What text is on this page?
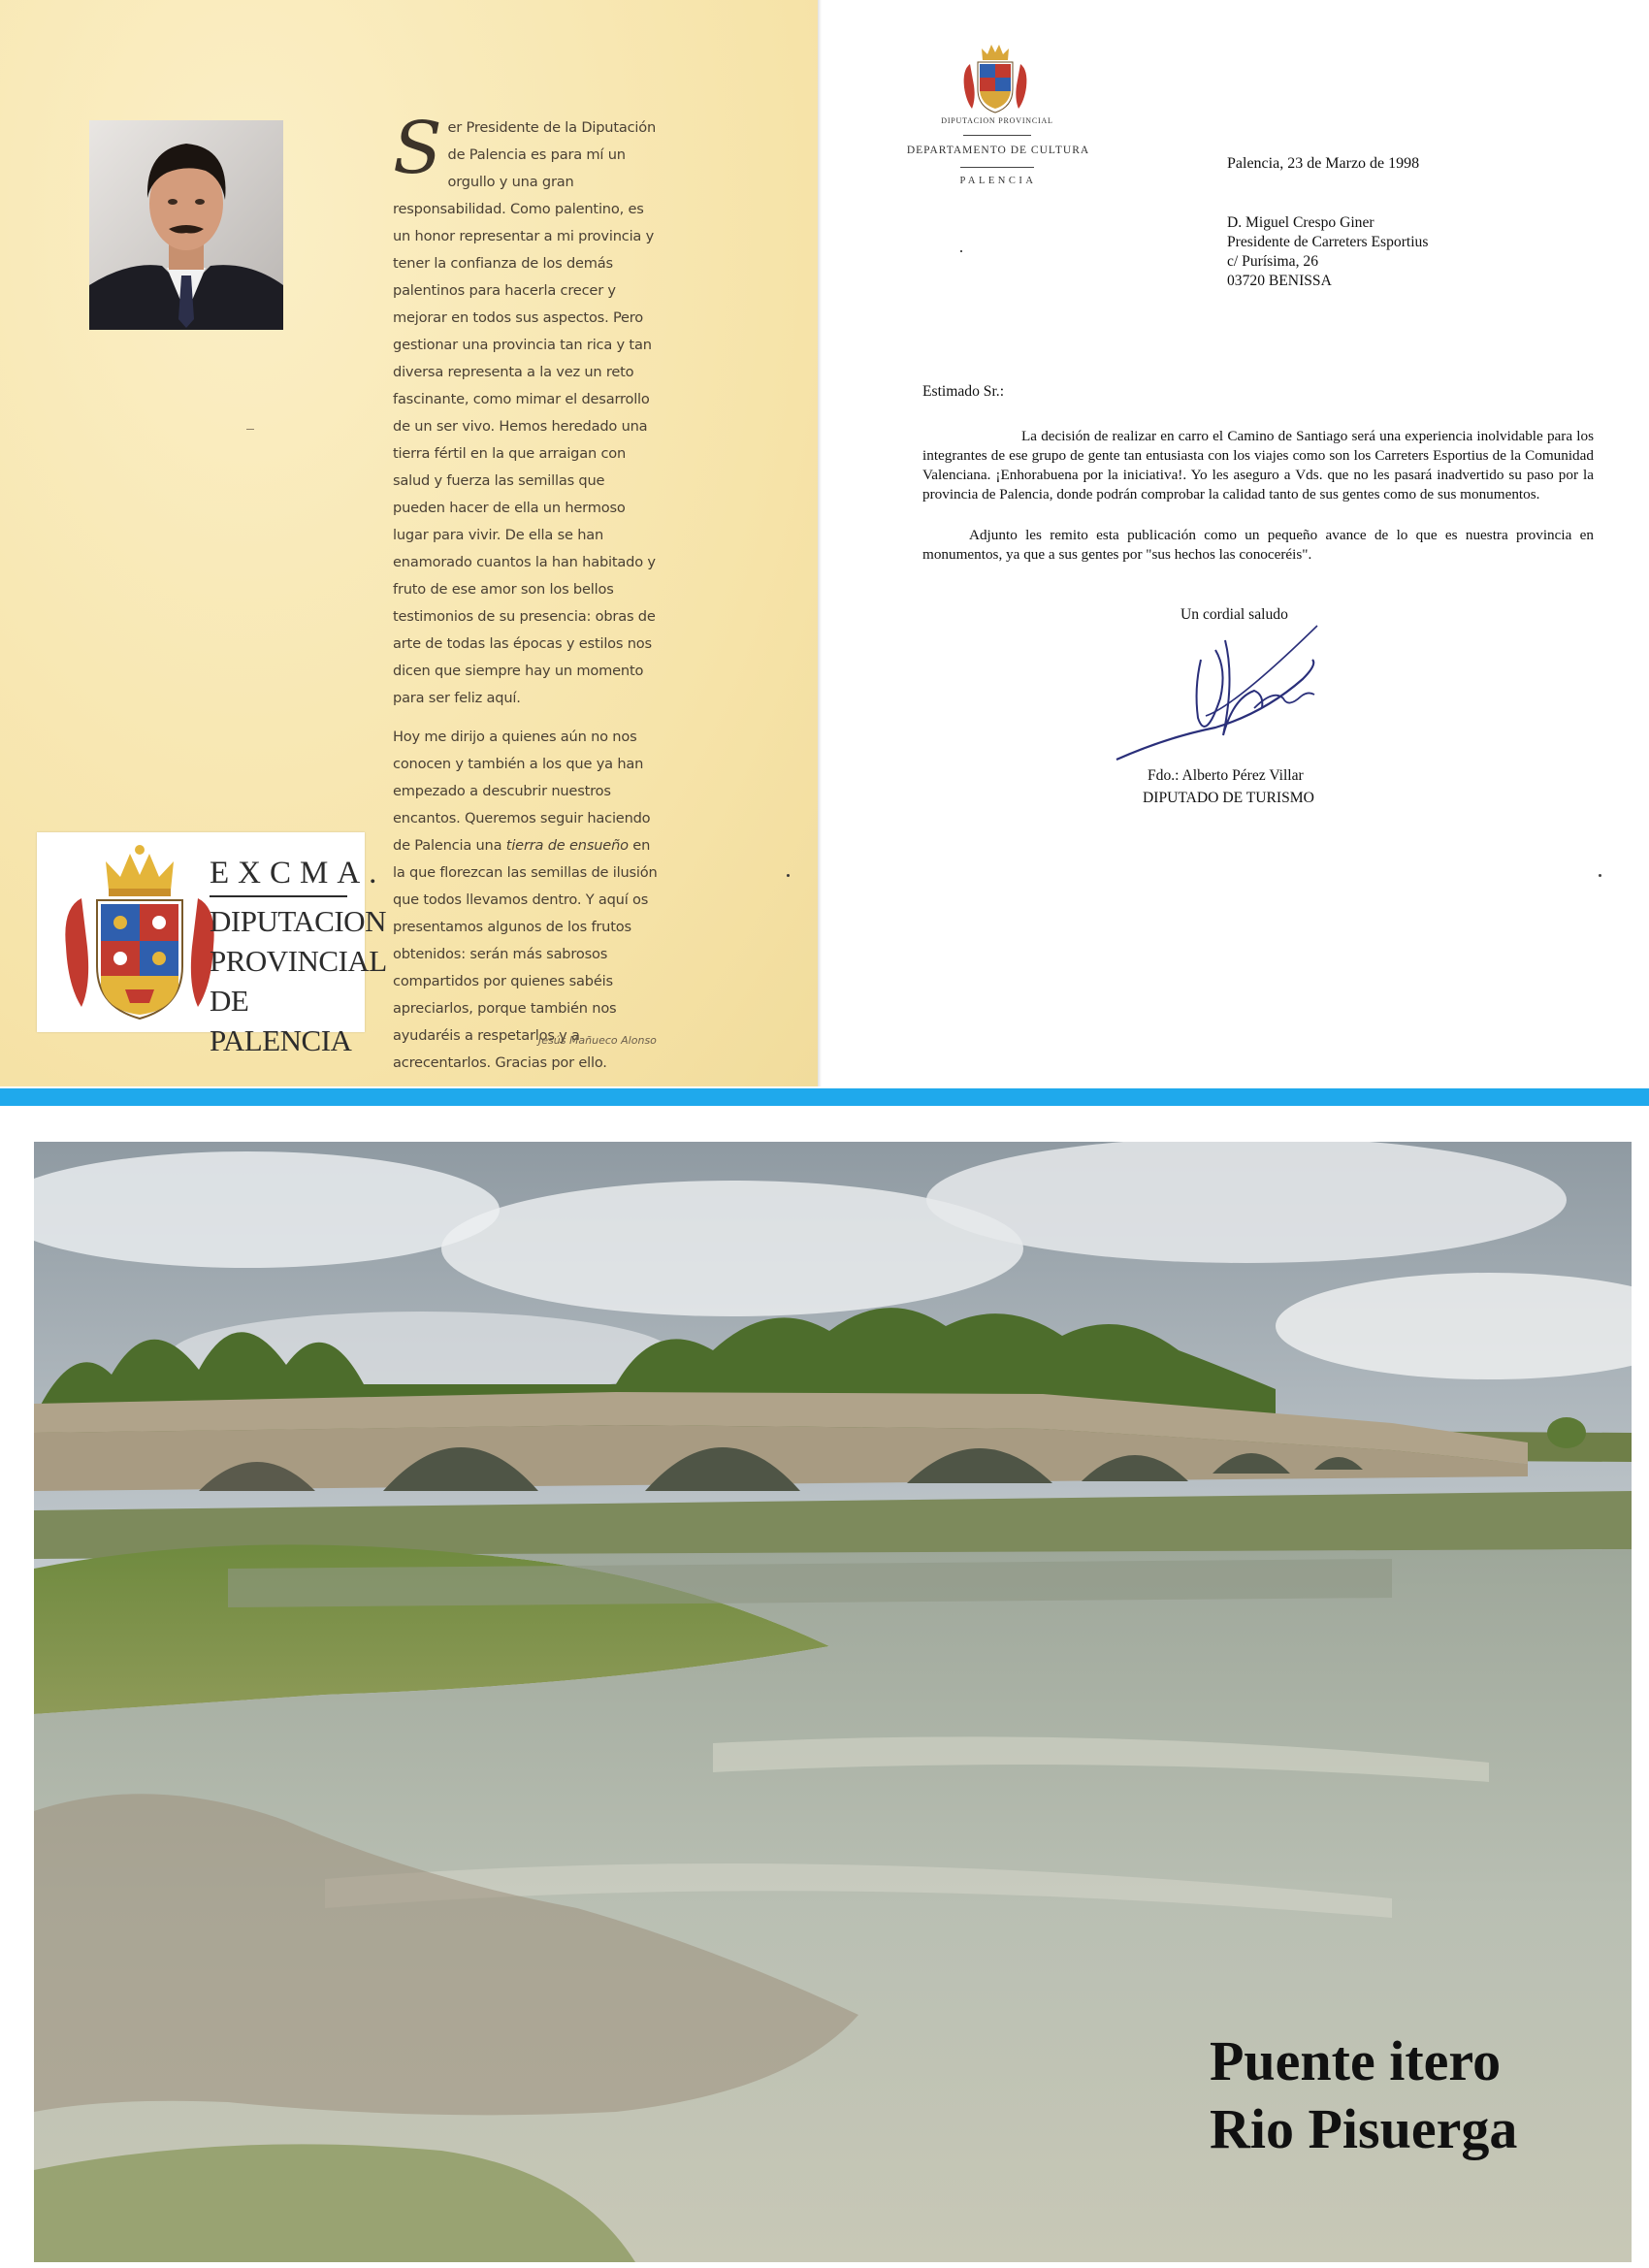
Ser Presidente de la Diputación de Palencia es para mí un orgullo y una gran responsabilidad. Como palentino, es un honor representar a mi provincia y tener la confianza de los demás palentinos para hacerla crecer y mejorar en todos sus aspectos. Pero gestionar una provincia tan rica y tan diversa representa a la vez un reto fascinante, como mimar el desarrollo de un ser vivo. Hemos heredado una tierra fértil en la que arraigan con salud y fuerza las semillas que pueden hacer de ella un hermoso lugar para vivir. De ella se han enamorado cuantos la han habitado y fruto de ese amor son los bellos testimonios de su presencia: obras de arte de todas las épocas y estilos nos dicen que siempre hay un momento para ser feliz aquí.

Hoy me dirijo a quienes aún no nos conocen y también a los que ya han empezado a descubrir nuestros encantos. Queremos seguir haciendo de Palencia una tierra de ensueño en la que florezcan las semillas de ilusión que todos llevamos dentro. Y aquí os presentamos algunos de los frutos obtenidos: serán más sabrosos compartidos por quienes sabéis apreciarlos, porque también nos ayudaréis a respetarlos y a acrecentarlos. Gracias por ello.

Jesús Mañueco Alonso
EXCMA.
DIPUTACION
PROVINCIAL
DE PALENCIA
DIPUTACION PROVINCIAL
DEPARTAMENTO DE CULTURA
PALENCIA
Palencia, 23 de Marzo de 1998
D. Miguel Crespo Giner
Presidente de Carreters Esportius
c/ Purísima, 26
03720 BENISSA
Estimado Sr.:

La decisión de realizar en carro el Camino de Santiago será una experiencia inolvidable para los integrantes de ese grupo de gente tan entusiasta con los viajes como son los Carreters Esportius de la Comunidad Valenciana. ¡Enhorabuena por la iniciativa!. Yo les aseguro a Vds. que no les pasará inadvertido su paso por la provincia de Palencia, donde podrán comprobar la calidad tanto de sus gentes como de sus monumentos.

Adjunto les remito esta publicación como un pequeño avance de lo que es nuestra provincia en monumentos, ya que a sus gentes por "sus hechos las conoceréis".

Un cordial saludo
Fdo.: Alberto Pérez Villar
DIPUTADO DE TURISMO
Puente itero
Rio Pisuerga
